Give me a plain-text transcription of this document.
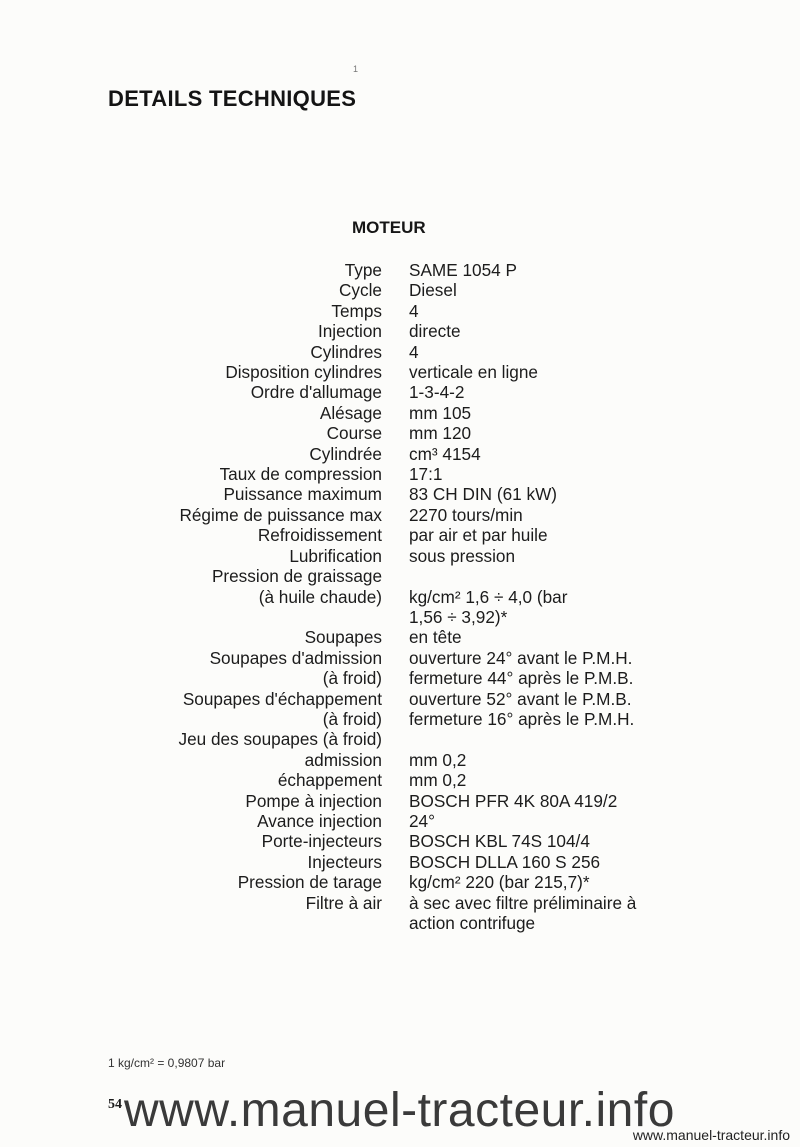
1
DETAILS TECHNIQUES
MOTEUR
Type SAME 1054 P
Cycle Diesel
Temps 4
Injection directe
Cylindres 4
Disposition cylindres verticale en ligne
Ordre d'allumage 1-3-4-2
Alésage mm 105
Course mm 120
Cylindrée cm³ 4154
Taux de compression 17:1
Puissance maximum 83 CH DIN (61 kW)
Régime de puissance max 2270 tours/min
Refroidissement par air et par huile
Lubrification sous pression
Pression de graissage
(à huile chaude) kg/cm² 1,6 ÷ 4,0 (bar
1,56 ÷ 3,92)*
Soupapes en tête
Soupapes d'admission ouverture 24° avant le P.M.H.
(à froid) fermeture 44° après le P.M.B.
Soupapes d'échappement ouverture 52° avant le P.M.B.
(à froid) fermeture 16° après le P.M.H.
Jeu des soupapes (à froid)
admission mm 0,2
échappement mm 0,2
Pompe à injection BOSCH PFR 4K 80A 419/2
Avance injection 24°
Porte-injecteurs BOSCH KBL 74S 104/4
Injecteurs BOSCH DLLA 160 S 256
Pression de tarage kg/cm² 220 (bar 215,7)*
Filtre à air à sec avec filtre préliminaire à
action contrifuge
1 kg/cm² = 0,9807 bar
54 www.manuel-tracteur.info
www.manuel-tracteur.info
